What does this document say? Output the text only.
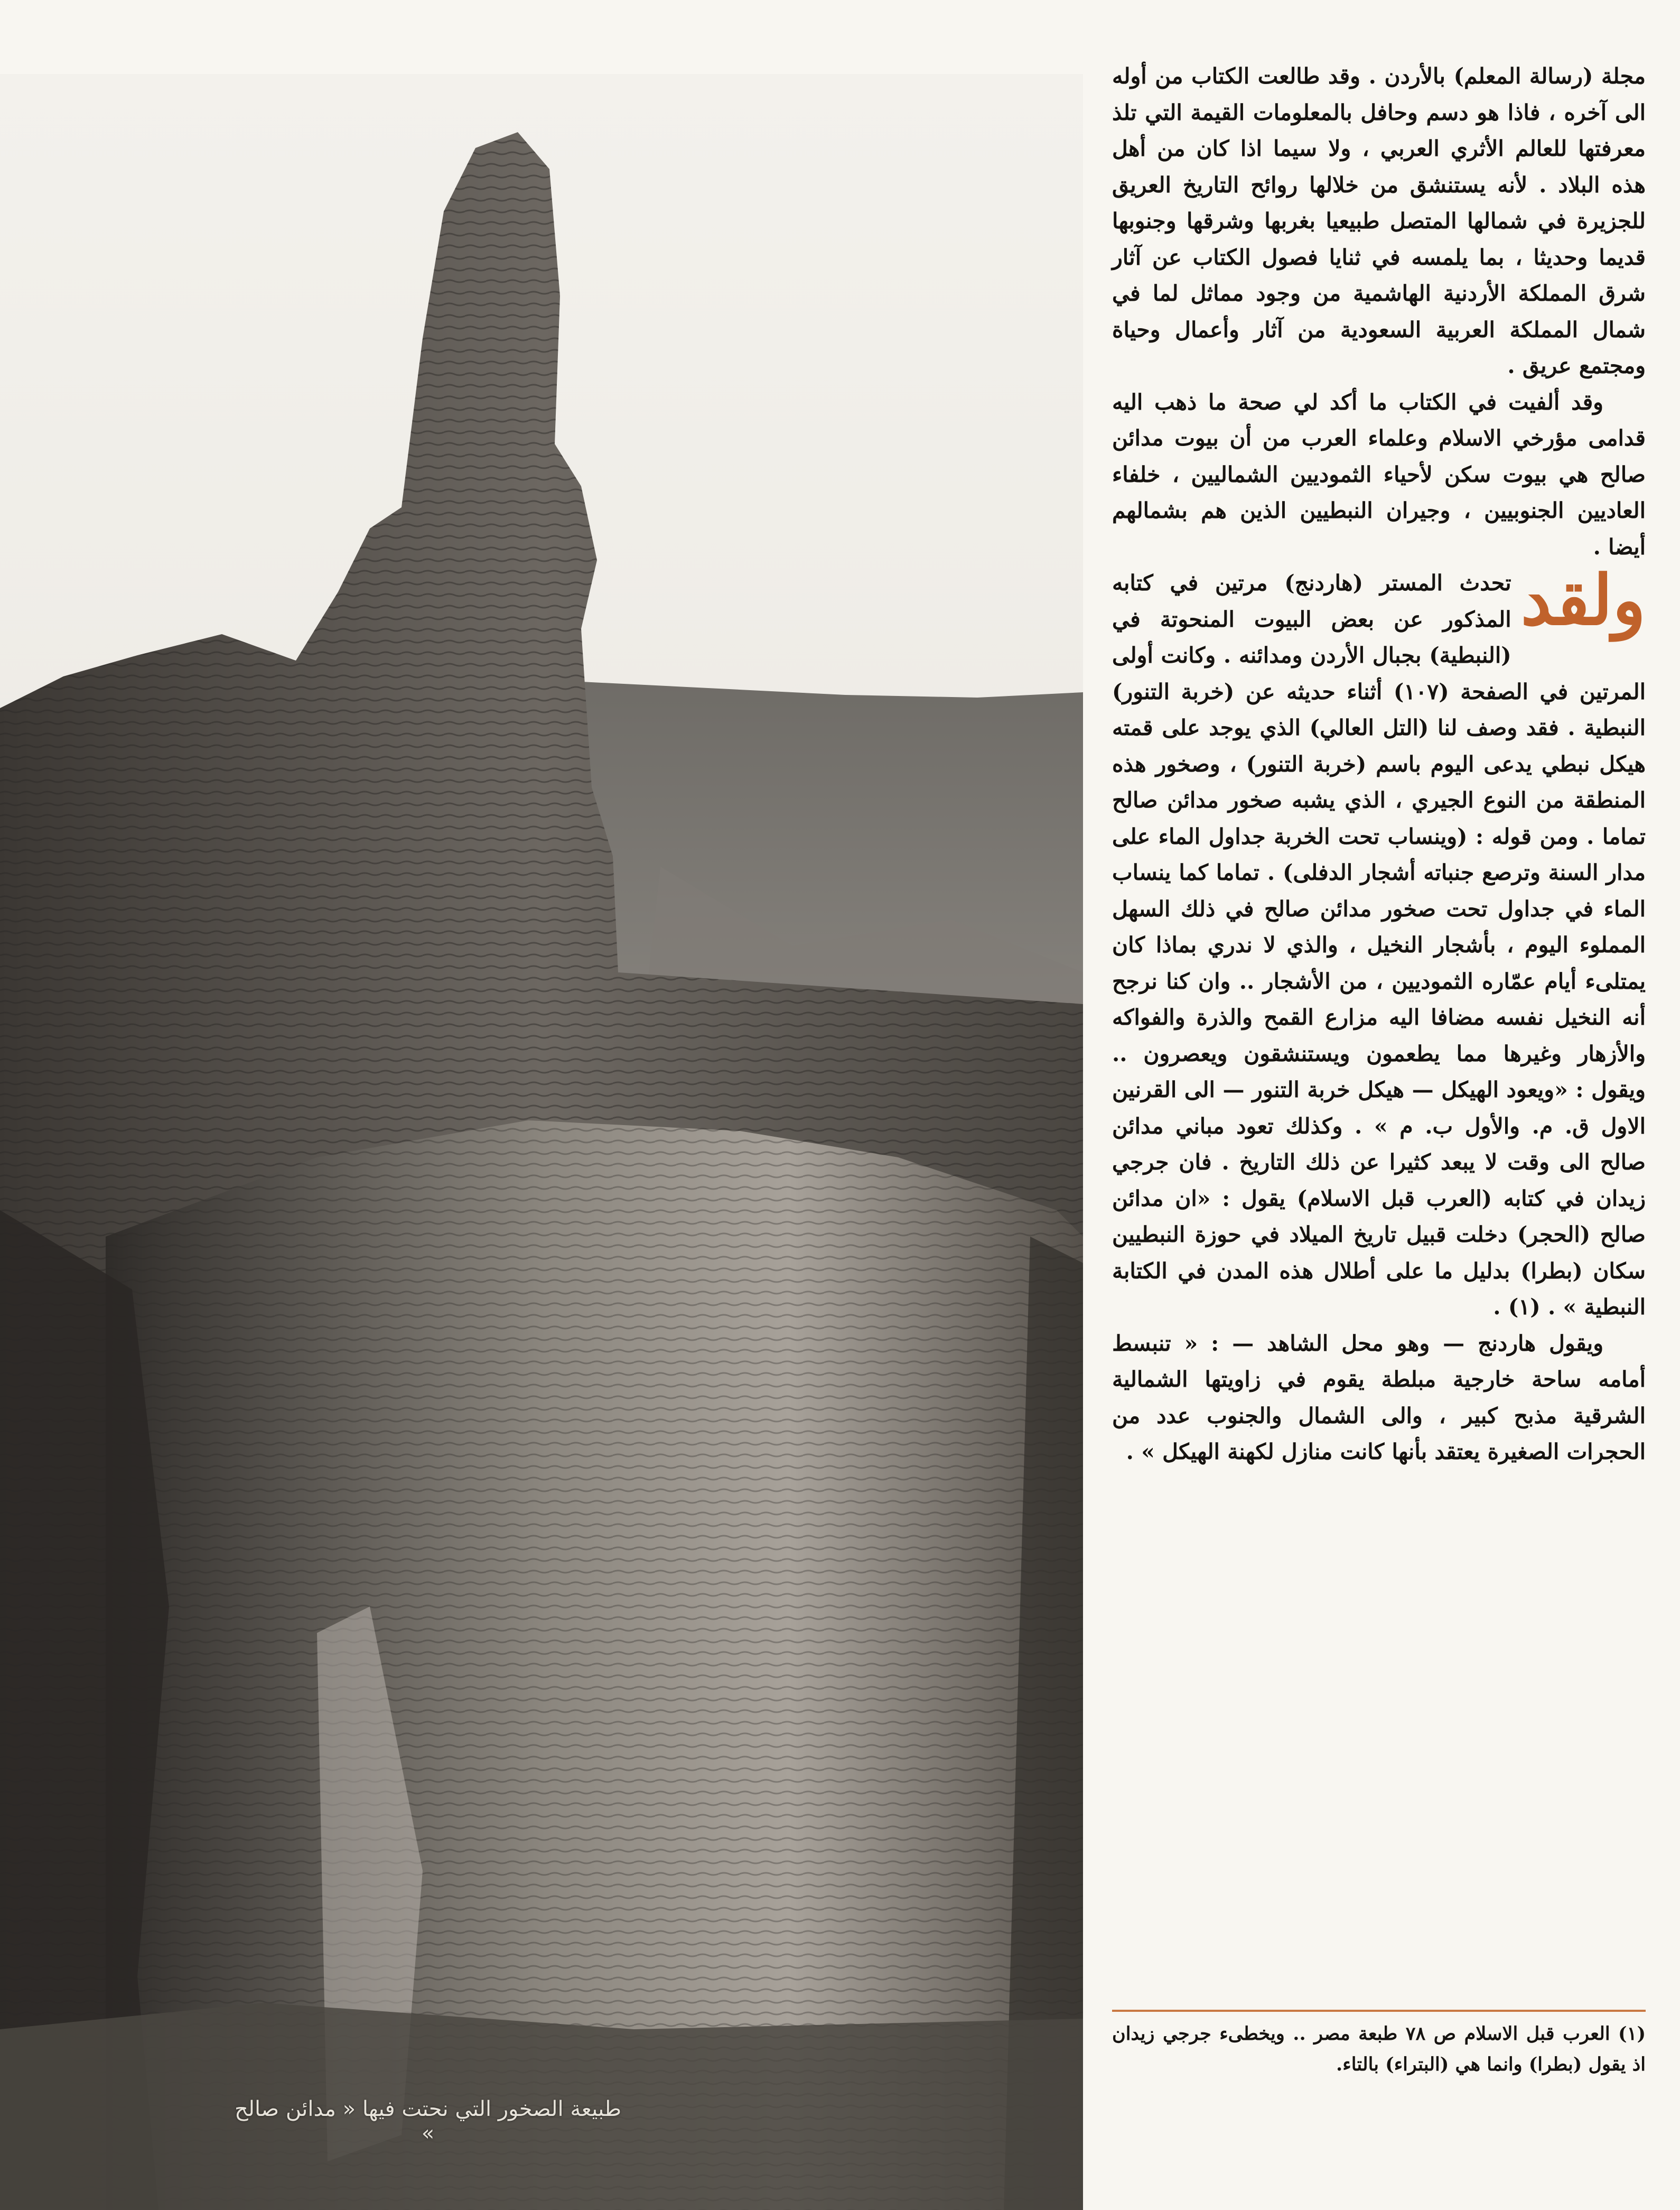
طبيعة الصخور التي نحتت فيها « مدائن صالح »

مجلة (رسالة المعلم) بالأردن . وقد طالعت الكتاب من أوله الى آخره ، فاذا هو دسم وحافل بالمعلومات القيمة التي تلذ معرفتها للعالم الأثري العربي ، ولا سيما اذا كان من أهل هذه البلاد . لأنه يستنشق من خلالها روائح التاريخ العريق للجزيرة في شمالها المتصل طبيعيا بغربها وشرقها وجنوبها قديما وحديثا ، بما يلمسه في ثنايا فصول الكتاب عن آثار شرق المملكة الأردنية الهاشمية من وجود مماثل لما في شمال المملكة العربية السعودية من آثار وأعمال وحياة ومجتمع عريق .

وقد ألفيت في الكتاب ما أكد لي صحة ما ذهب اليه قدامى مؤرخي الاسلام وعلماء العرب من أن بيوت مدائن صالح هي بيوت سكن لأحياء الثموديين الشماليين ، خلفاء العاديين الجنوبيين ، وجيران النبطيين الذين هم بشمالهم أيضا .

ولقد
تحدث المستر (هاردنج) مرتين في كتابه المذكور عن بعض البيوت المنحوتة في (النبطية) بجبال الأردن ومدائنه . وكانت أولى المرتين في الصفحة (١٠٧) أثناء حديثه عن (خربة التنور) النبطية . فقد وصف لنا (التل العالي) الذي يوجد على قمته هيكل نبطي يدعى اليوم باسم (خربة التنور) ، وصخور هذه المنطقة من النوع الجيري ، الذي يشبه صخور مدائن صالح تماما . ومن قوله : (وينساب تحت الخربة جداول الماء على مدار السنة وترصع جنباته أشجار الدفلى) . تماما كما ينساب الماء في جداول تحت صخور مدائن صالح في ذلك السهل المملوء اليوم ، بأشجار النخيل ، والذي لا ندري بماذا كان يمتلىء أيام عمّاره الثموديين ، من الأشجار .. وان كنا نرجح أنه النخيل نفسه مضافا اليه مزارع القمح والذرة والفواكه والأزهار وغيرها مما يطعمون ويستنشقون ويعصرون .. ويقول : «ويعود الهيكل — هيكل خربة التنور — الى القرنين الاول ق. م. والأول ب. م » . وكذلك تعود مباني مدائن صالح الى وقت لا يبعد كثيرا عن ذلك التاريخ . فان جرجي زيدان في كتابه (العرب قبل الاسلام) يقول : «ان مدائن صالح (الحجر) دخلت قبيل تاريخ الميلاد في حوزة النبطيين سكان (بطرا) بدليل ما على أطلال هذه المدن في الكتابة النبطية » . (١) .

ويقول هاردنج — وهو محل الشاهد — : « تنبسط أمامه ساحة خارجية مبلطة يقوم في زاويتها الشمالية الشرقية مذبح كبير ، والى الشمال والجنوب عدد من الحجرات الصغيرة يعتقد بأنها كانت منازل لكهنة الهيكل » .

(١) العرب قبل الاسلام ص ٧٨ طبعة مصر .. ويخطىء جرجي زيدان اذ يقول (بطرا) وانما هي (البتراء) بالتاء.
